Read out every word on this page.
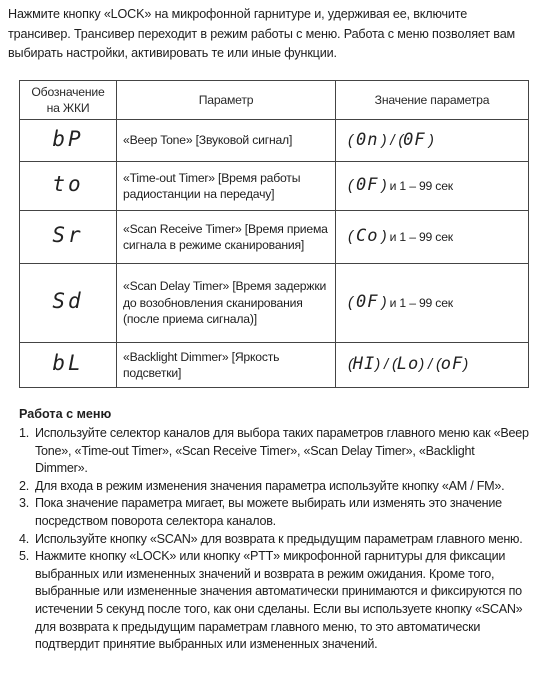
Нажмите кнопку «LOCK» на микрофонной гарнитуре и, удерживая ее, включите трансивер. Трансивер переходит в режим работы с меню. Работа с меню позволяет вам выбирать настройки, активировать те или иные функции.
Обозначение на ЖКИ	Параметр	Значение параметра
bP	«Beep Tone» [Звуковой сигнал]	( 0n ) / (0F )
to	«Time-out Timer» [Время работы радиостанции на передачу]	( 0F ) и 1 – 99 сек
Sr	«Scan Receive Timer» [Время приема сигнала в режиме сканирования]	( Co ) и 1 – 99 сек
Sd	«Scan Delay Timer» [Время задержки до возобновления сканирования (после приема сигнала)]	( 0F ) и 1 – 99 сек
bL	«Backlight Dimmer» [Яркость подсветки]	(HI) / (Lo) / (oF)
Работа с меню
1. Используйте селектор каналов для выбора таких параметров главного меню как «Beep Tone», «Time-out Timer», «Scan Receive Timer», «Scan Delay Timer», «Backlight Dimmer».
2. Для входа в режим изменения значения параметра используйте кнопку «AM / FM».
3. Пока значение параметра мигает, вы можете выбирать или изменять это значение посредством поворота селектора каналов.
4. Используйте кнопку «SCAN» для возврата к предыдущим параметрам главного меню.
5. Нажмите кнопку «LOCK» или кнопку «PTT» микрофонной гарнитуры для фиксации выбранных или измененных значений и возврата в режим ожидания. Кроме того, выбранные или измененные значения автоматически принимаются и фиксируются по истечении 5 секунд после того, как они сделаны. Если вы используете кнопку «SCAN» для возврата к предыдущим параметрам главного меню, то это автоматически подтвердит принятие выбранных или измененных значений.
